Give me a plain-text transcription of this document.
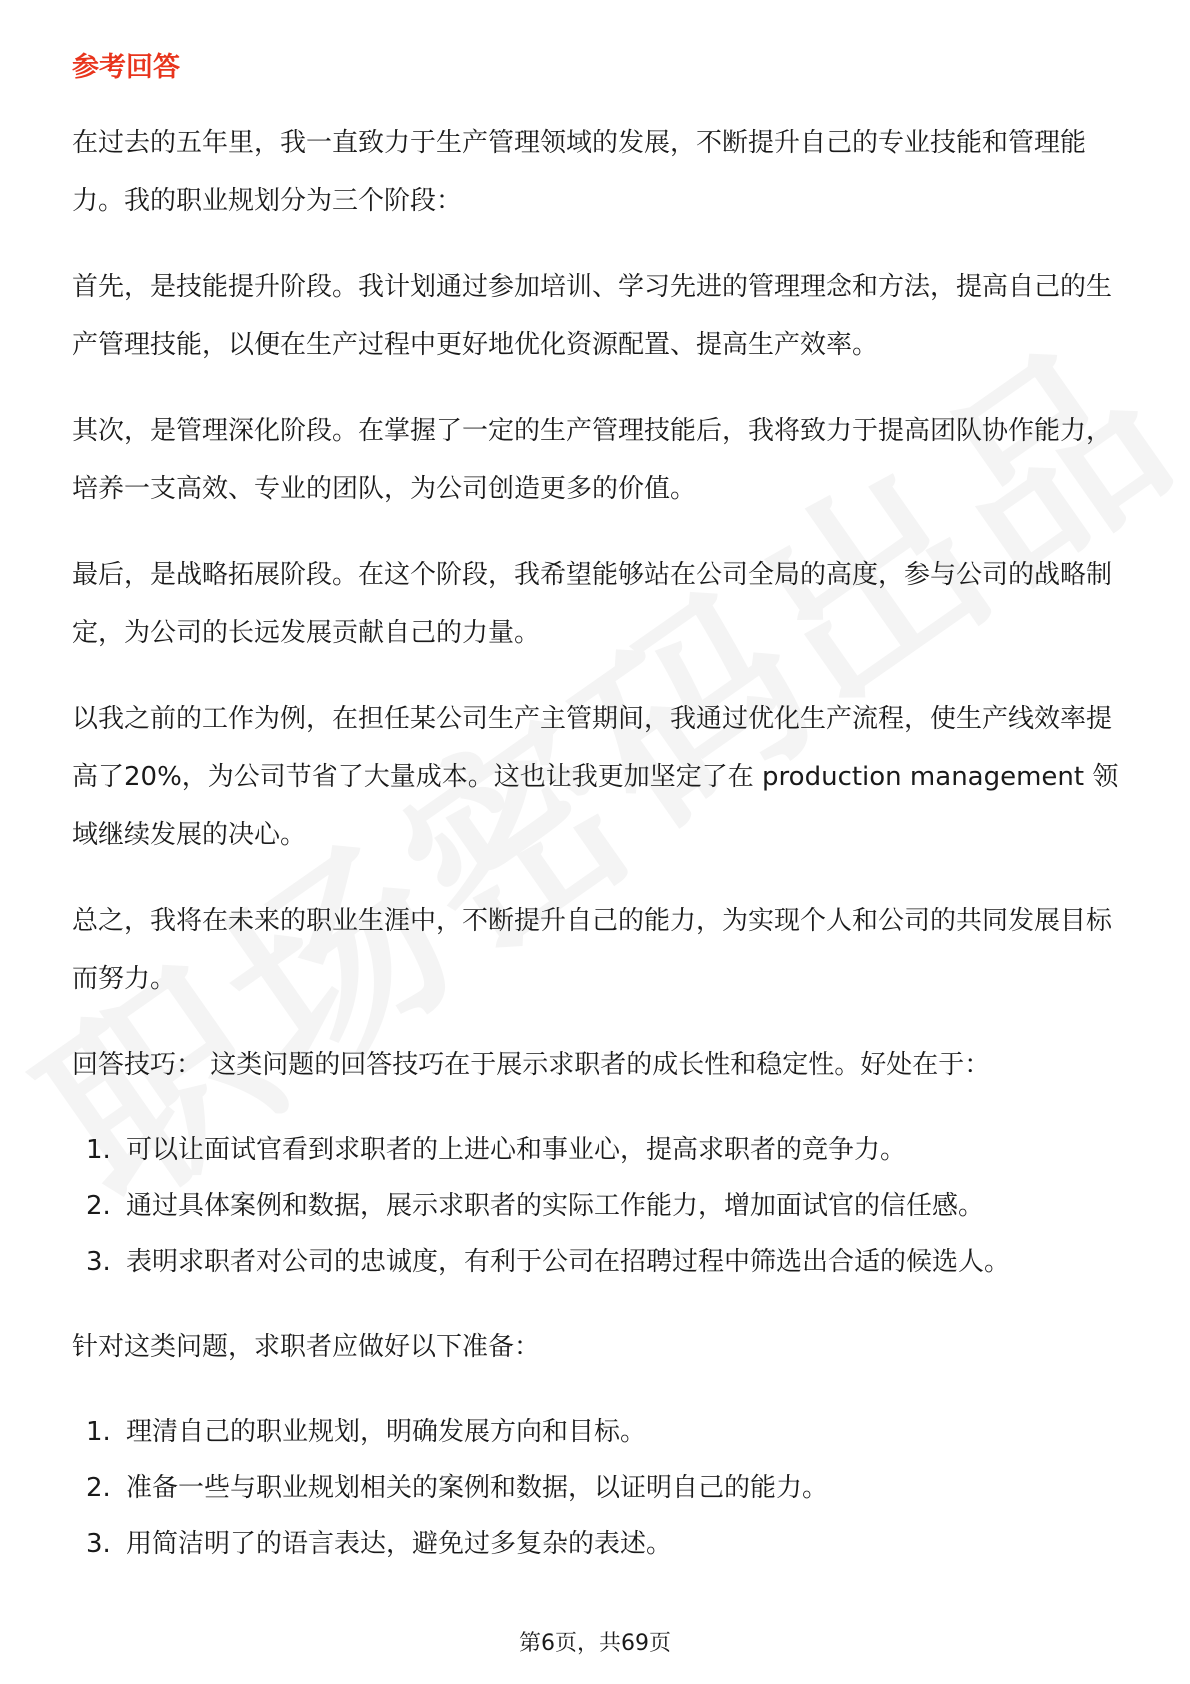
参考回答

在过去的五年里，我一直致力于生产管理领域的发展，不断提升自己的专业技能和管理能力。我的职业规划分为三个阶段：

首先，是技能提升阶段。我计划通过参加培训、学习先进的管理理念和方法，提高自己的生产管理技能，以便在生产过程中更好地优化资源配置、提高生产效率。

其次，是管理深化阶段。在掌握了一定的生产管理技能后，我将致力于提高团队协作能力，培养一支高效、专业的团队，为公司创造更多的价值。

最后，是战略拓展阶段。在这个阶段，我希望能够站在公司全局的高度，参与公司的战略制定，为公司的长远发展贡献自己的力量。

以我之前的工作为例，在担任某公司生产主管期间，我通过优化生产流程，使生产线效率提高了20%，为公司节省了大量成本。这也让我更加坚定了在 production management 领域继续发展的决心。

总之，我将在未来的职业生涯中，不断提升自己的能力，为实现个人和公司的共同发展目标而努力。

回答技巧： 这类问题的回答技巧在于展示求职者的成长性和稳定性。好处在于：

1. 可以让面试官看到求职者的上进心和事业心，提高求职者的竞争力。
2. 通过具体案例和数据，展示求职者的实际工作能力，增加面试官的信任感。
3. 表明求职者对公司的忠诚度，有利于公司在招聘过程中筛选出合适的候选人。

针对这类问题，求职者应做好以下准备：

1. 理清自己的职业规划，明确发展方向和目标。
2. 准备一些与职业规划相关的案例和数据，以证明自己的能力。
3. 用简洁明了的语言表达，避免过多复杂的表述。
第6页，共69页
